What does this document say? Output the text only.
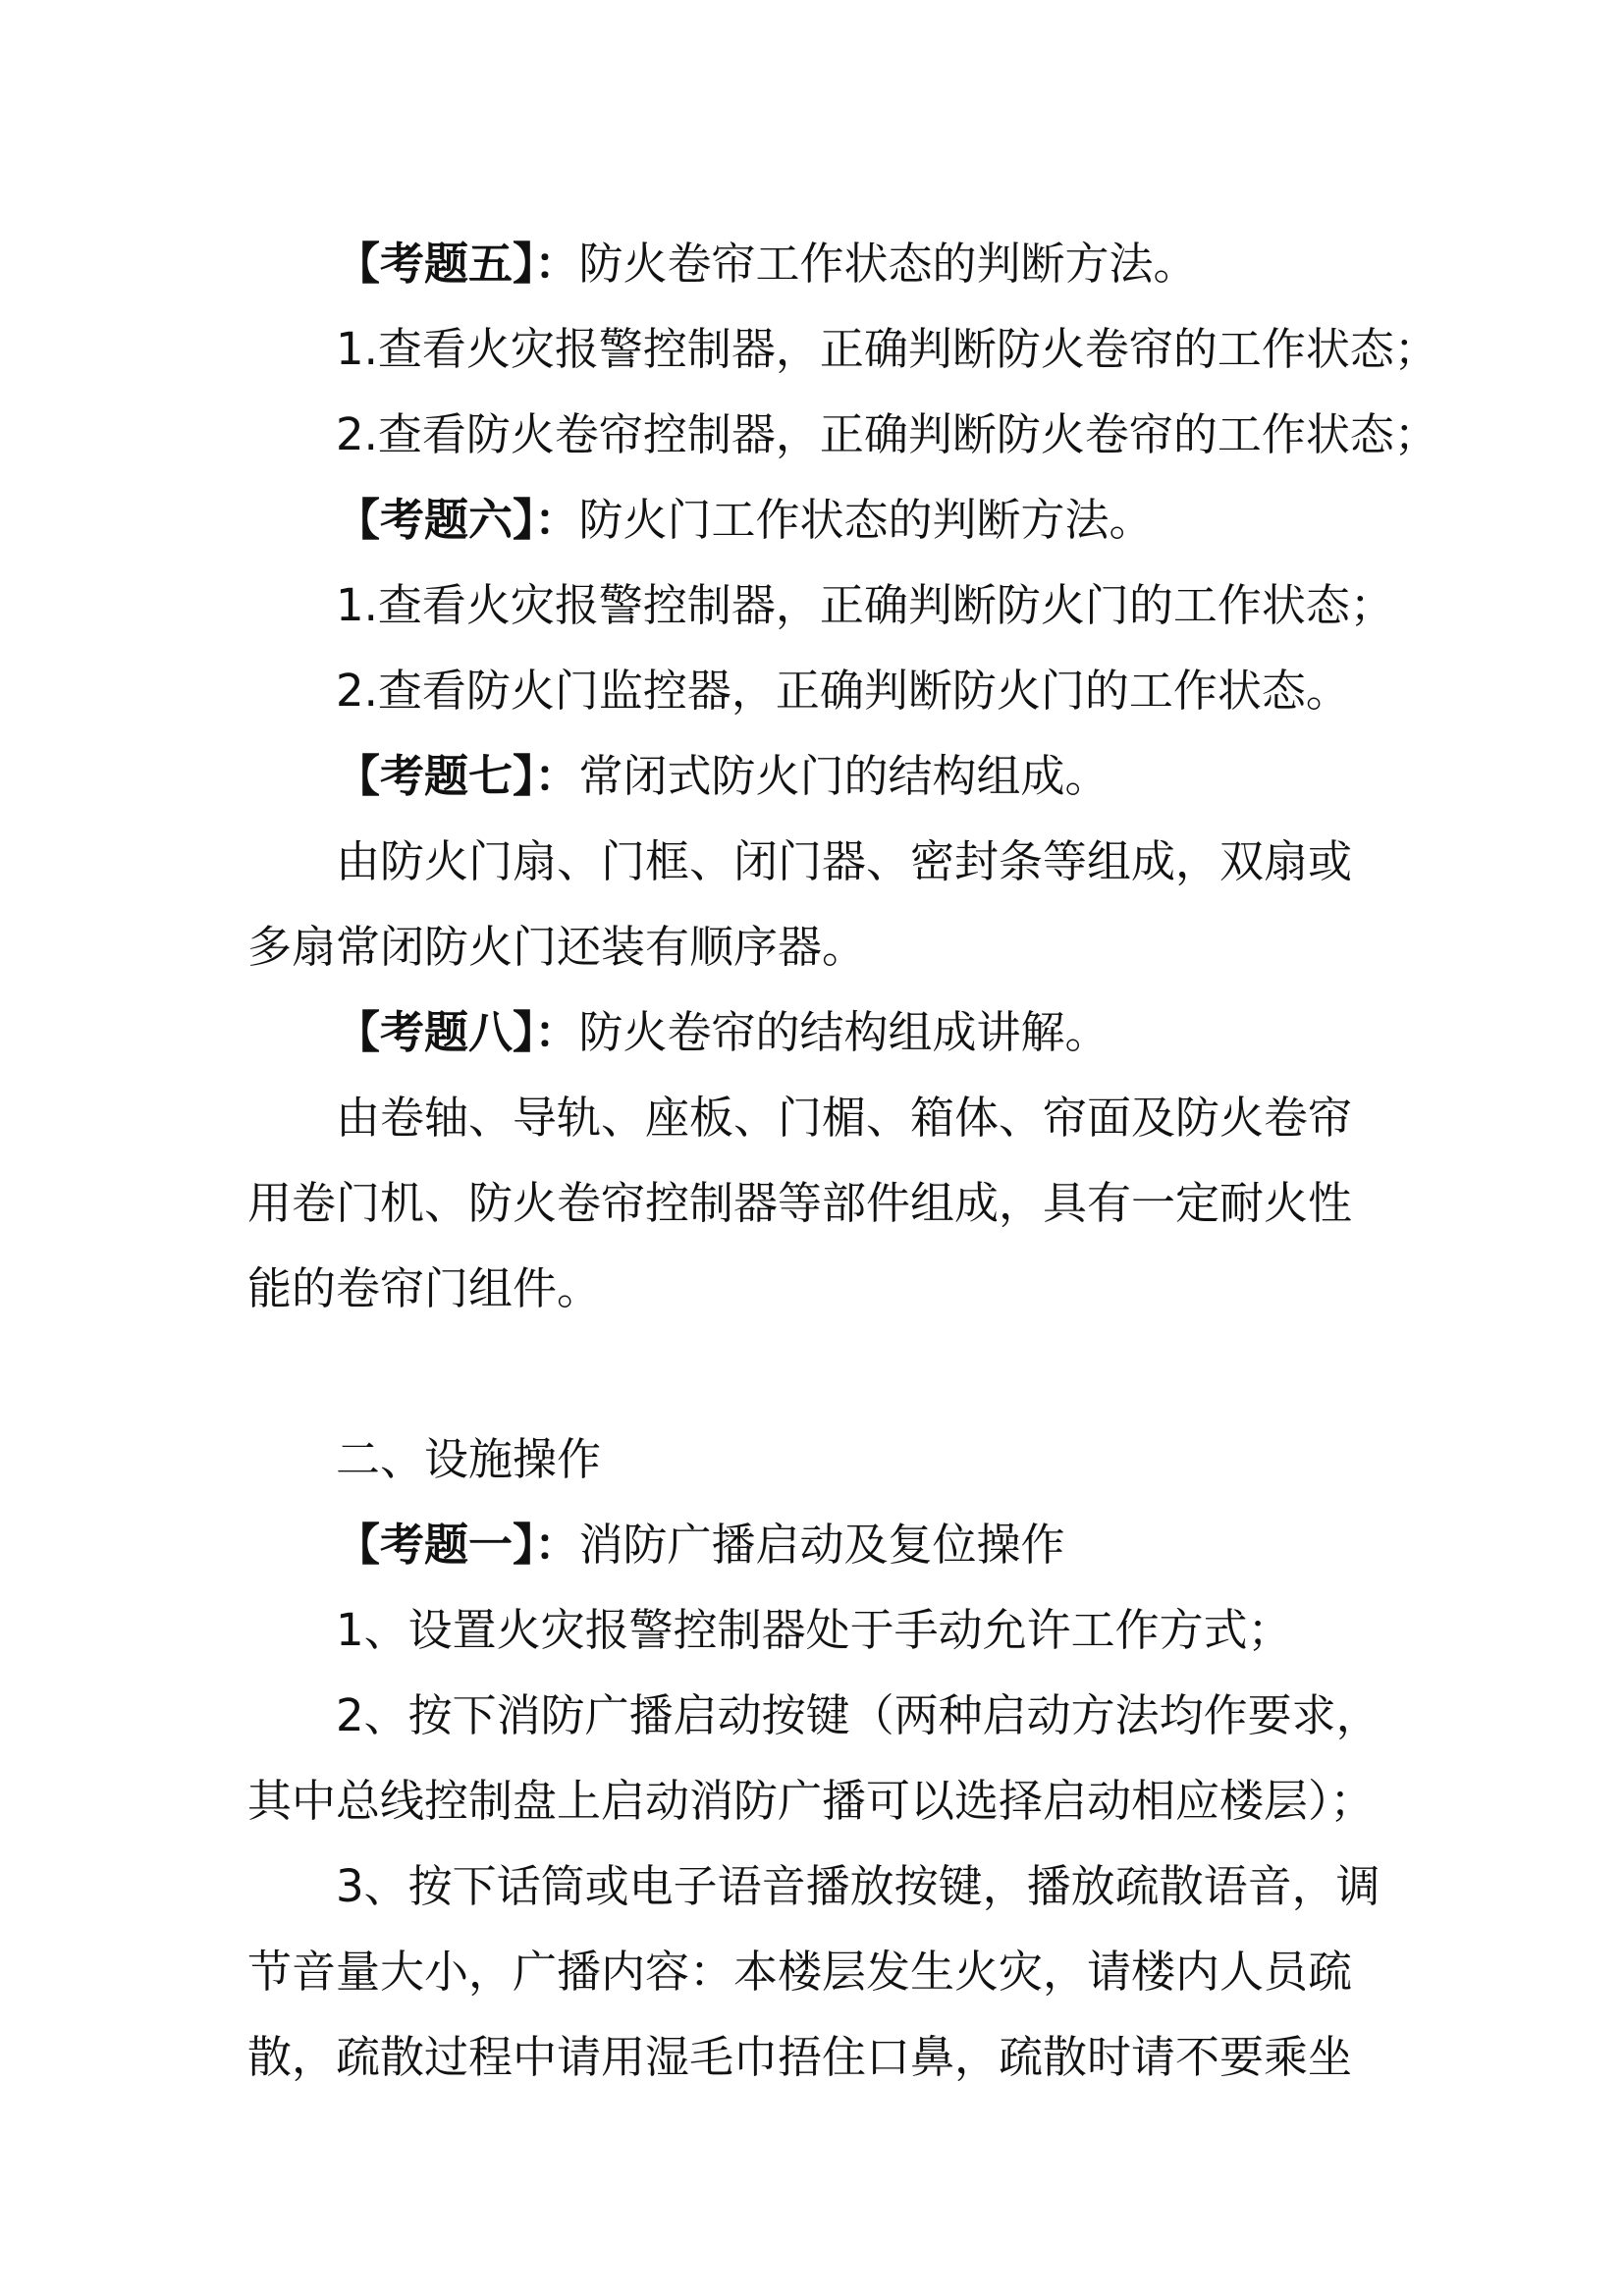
【考题五】：防火卷帘工作状态的判断方法。

1.查看火灾报警控制器，正确判断防火卷帘的工作状态；

2.查看防火卷帘控制器，正确判断防火卷帘的工作状态；

【考题六】：防火门工作状态的判断方法。

1.查看火灾报警控制器，正确判断防火门的工作状态；

2.查看防火门监控器，正确判断防火门的工作状态。

【考题七】：常闭式防火门的结构组成。

由防火门扇、门框、闭门器、密封条等组成，双扇或

多扇常闭防火门还装有顺序器。

【考题八】：防火卷帘的结构组成讲解。

由卷轴、导轨、座板、门楣、箱体、帘面及防火卷帘

用卷门机、防火卷帘控制器等部件组成，具有一定耐火性

能的卷帘门组件。

二、设施操作

【考题一】：消防广播启动及复位操作

1、设置火灾报警控制器处于手动允许工作方式；

2、按下消防广播启动按键（两种启动方法均作要求，

其中总线控制盘上启动消防广播可以选择启动相应楼层）；

3、按下话筒或电子语音播放按键，播放疏散语音，调

节音量大小，广播内容：本楼层发生火灾，请楼内人员疏

散，疏散过程中请用湿毛巾捂住口鼻，疏散时请不要乘坐
